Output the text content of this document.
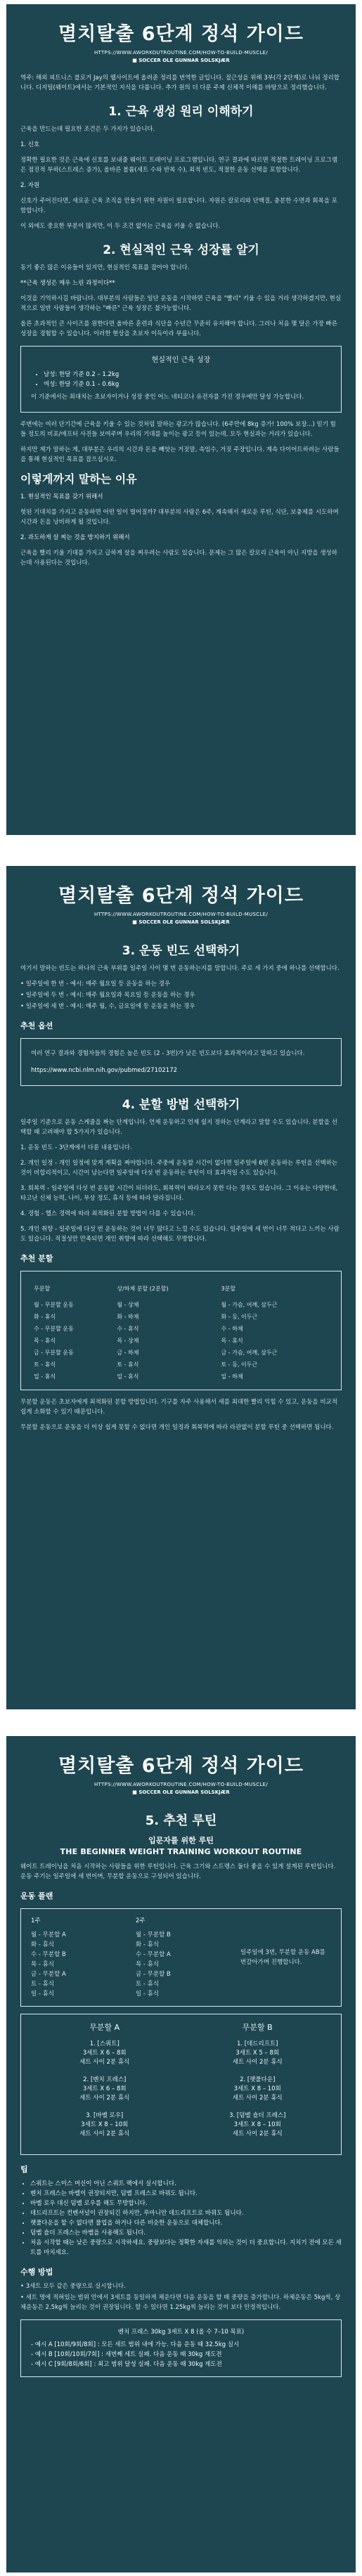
멸치탈출 6단계 정석 가이드
HTTPS://WWW.AWORKOUTROUTINE.COM/HOW-TO-BUILD-MUSCLE/
■ SOCCER OLE GUNNAR SOLSKJÆR
역주: 해외 피트니스 블로거 Jay의 웹사이트에 올려준 정리를 번역한 글입니다. 접근성을 위해 3부(각 2단계)로 나눠 정리합니다. 디지털(웨이트)에서는 기본적인 지식을 다룹니다. 추가 원의 더 다룬 주제 신체적 이해를 바탕으로 정리했습니다.
1. 근육 생성 원리 이해하기
근육을 만드는데 필요한 조건은 두 가지가 있습니다.
1. 신호
정확한 필요한 것은 근육에 신호를 보내줄 웨이트 트레이닝 프로그램입니다. 연구 결과에 따르면 적절한 트레이닝 프로그램은 점진적 부하(스트레스 증가), 올바른 볼륨(세트 수와 반복 수), 최적 빈도, 적절한 운동 선택을 포함합니다.
2. 자원
신호가 주어진다면, 새로운 근육 조직을 만들기 위한 자원이 필요합니다. 자원은 칼로리와 단백질, 충분한 수면과 회복을 포함합니다.
이 외에도 중요한 부분이 많지만, 이 두 조건 없이는 근육을 키울 수 없습니다.
2. 현실적인 근육 성장률 알기
동기 좋은 많은 이유들이 있지만, 현실적인 목표를 잡아야 합니다.
**근육 생성은 매우 느린 과정이다**
이것을 기억하시길 바랍니다. 대부분의 사람들은 일단 운동을 시작하면 근육을 "빨리" 키울 수 있을 거라 생각하겠지만, 현실적으로 일반 사람들이 생각하는 "빠른" 근육 성장은 불가능합니다.
올른 초과적인 큰 사이즈를 원한다면 올바른 훈련과 식단을 수년간 꾸준히 유지해야 합니다. 그러나 처음 몇 달은 가장 빠른 성장을 경험할 수 있습니다. 이러한 현상을 초보자 이득이라 부릅니다.
현실적인 근육 성장
• 남성: 한달 기준 0.2 – 1.2kg
• 여성: 한달 기준 0.1 – 0.6kg
이 기준에서는 최대치는 초보자이거나 성장 중인 어느 네티코나 유전자를 가진 경우에만 달성 가능합니다.
주변에는 여러 단기간에 근육을 키울 수 있는 것처럼 말하는 광고가 많습니다. (6주만에 8kg 증가! 100% 보장...) 믿기 힘들 정도의 비포/애프터 사진들 보여주며 우리의 기대를 높이는 광고 등이 있는데, 모두 현실과는 거리가 있습니다.
하지만 제가 말하는 게, 대부분은 우리의 시간과 돈을 빼앗는 거짓말, 속임수, 거짓 주장입니다. 계속 다이어트하려는 사람들을 통해 현실적인 목표를 잡으십시오.
이렇게까지 말하는 이유
1. 현실적인 목표를 갖기 위해서
헛된 기대치를 가지고 운동하면 어떤 일이 벌어질까? 대부분의 사람은 6주, 계속해서 새로운 루틴, 식단, 보충제를 시도하며 시간과 돈을 낭비하게 될 것입니다.
2. 과도하게 살 찌는 것을 방지하기 위해서
근육을 빨리 키울 기대를 가지고 급하게 살을 찌우려는 사람도 있습니다. 문제는 그 많은 칼로리 근육이 아닌 지방을 생성하는데 사용된다는 것입니다.
멸치탈출 6단계 정석 가이드
HTTPS://WWW.AWORKOUTROUTINE.COM/HOW-TO-BUILD-MUSCLE/
■ SOCCER OLE GUNNAR SOLSKJÆR
3. 운동 빈도 선택하기
여기서 말하는 빈도는 하나의 근육 부위를 일주일 사이 몇 번 운동하는지를 말합니다. 주로 세 가지 중에 하나를 선택합니다.
• 일주일에 한 번 - 예시: 매주 월요일 등 운동을 하는 경우
• 일주일에 두 번 - 예시: 매주 월요일과 목요일 등 운동을 하는 경우
• 일주일에 세 번 - 예시: 매주 월, 수, 금요일에 등 운동을 하는 경우
추천 옵션
여러 연구 결과와 경험자들의 경험은 높은 빈도 (2 - 3번)가 낮은 빈도보다 효과적이라고 말하고 있습니다.
https://www.ncbi.nlm.nih.gov/pubmed/27102172
4. 분할 방법 선택하기
일주일 기준으로 운동 스케줄을 짜는 단계입니다. 언제 운동하고 언제 쉴지 정하는 단계라고 말할 수도 있습니다. 분할을 선택할 때 고려해야 할 5가지가 있습니다.
1. 운동 빈도 - 3단계에서 다룬 내용입니다.
2. 개인 일정 - 개인 일정에 맞게 계획을 짜야합니다. 주중에 운동할 시간이 없다면 일주일에 6번 운동하는 루틴을 선택하는 것이 비합리적이고, 시간이 남는다면 일주일에 다섯 번 운동하는 루틴이 더 효과적일 수도 있습니다.
3. 회복력 - 일주일에 다섯 번 운동할 시간이 되더라도, 회복력이 따라오지 못한 다는 경우도 있습니다. 그 이유는 다양한데, 타고난 신체 능력, 나이, 부상 정도, 휴식 등에 따라 달라집니다.
4. 경험 - 헬스 경력에 따라 최적화된 분할 방법이 다를 수 있습니다.
5. 개인 취향 - 일주일에 다섯 번 운동하는 것이 너무 많다고 느낄 수도 있습니다. 일주일에 세 번이 너무 적다고 느끼는 사람도 있습니다. 적절성만 만족되면 개인 취향에 따라 선택해도 무방합니다.
추천 분할
무분할	상/하체 분할 (2분할)	3분할
월 - 무분할 운동	월 - 상체	월 - 가슴, 어깨, 삼두근
화 - 휴식	화 - 하체	화 - 등, 이두근
수 - 무분할 운동	수 - 휴식	수 - 하체
목 - 휴식	목 - 상체	목 - 휴식
금 - 무분할 운동	금 - 하체	금 - 가슴, 어깨, 삼두근
토 - 휴식	토 - 휴식	토 - 등, 이두근
일 - 휴식	일 - 휴식	일 - 하체
무분할 운동은 초보자에게 최적화된 분할 방법입니다. 기구를 자주 사용해서 새를 최대한 빨리 익힐 수 있고, 운동을 비교적 쉽게 소화할 수 있기 때문입니다.
무분할 운동으로 운동을 더 이상 쉽게 못할 수 없다면 개인 일정과 회복력에 따라 라관없이 분할 루틴 중 선택하면 됩니다.
멸치탈출 6단계 정석 가이드
HTTPS://WWW.AWORKOUTROUTINE.COM/HOW-TO-BUILD-MUSCLE/
■ SOCCER OLE GUNNAR SOLSKJÆR
5. 추천 루틴
입문자를 위한 루틴
THE BEGINNER WEIGHT TRAINING WORKOUT ROUTINE
웨이트 트레이닝을 처음 시작하는 사람들을 위한 루틴입니다. 근육 그기와 스트렝스 둘다 좋을 수 있게 설계된 루틴입니다. 운동 주기는 일주일에 세 번이며, 무분할 운동으로 구성되어 있습니다.
운동 플랜
1주
월 - 무분할 A
화 - 휴식
수 - 무분할 B
목 - 휴식
금 - 무분할 A
토 - 휴식
일 - 휴식
2주
월 - 무분할 B
화 - 휴식
수 - 무분할 A
목 - 휴식
금 - 무분할 B
토 - 휴식
일 - 휴식
일주일에 3번, 무분할 운동 AB를 번갈아가며 진행합니다.
무분할 A
1. [스쿼트]
3세트 X 6 – 8회
세트 사이 2분 휴식
2. [벤치 프레스]
3세트 X 6 – 8회
세트 사이 2분 휴식
3. [바벨 로우]
3세트 X 8 – 10회
세트 사이 2분 휴식
무분할 B
1. [데드리프트]
3세트 X 5 – 8회
세트 사이 2분 휴식
2. [랫풀다운]
3세트 X 8 – 10회
세트 사이 2분 휴식
3. [덤벨 숄더 프레스]
3세트 X 8 – 10회
세트 사이 2분 휴식
팁
• 스쿼트는 스미스 머신이 아닌 스쿼트 랙에서 실시합니다.
• 벤치 프레스는 바벨이 권장되지만, 덤벨 프레스로 바꿔도 됩니다.
• 바벨 로우 대신 덤벨 로우를 해도 무방합니다.
• 데드리프트는 컨벤셔널이 권장되긴 하지만, 루마니안 데드리프트로 바꿔도 됩니다.
• 랫풀다운을 할 수 없다면 풀업을 하거나 다른 비슷한 운동으로 대체합니다.
• 덤벨 숄더 프레스는 바벨을 사용해도 됩니다.
• 처음 시작할 때는 낮은 중량으로 시작하세요. 중량보다는 정확한 자세를 익히는 것이 더 중요합니다. 지치기 전에 모든 세트를 마치세요.
수행 방법
• 3세트 모두 같은 중량으로 실시합니다.
• 세트 명에 적혀있는 범위 안에서 3세트를 동일하게 채운다면 다음 운동을 할 때 중량을 증가합니다. 하체운동은 5kg씩, 상체운동은 2.5kg씩 늘리는 것이 권장됩니다. 할 수 있다면 1.25kg씩 늘리는 것이 보다 안정적입니다.
벤치 프레스 30kg 3세트 X 8 (올 수 7–10 목표)
- 예시 A [10회/9회/8회] : 모든 세트 범위 내에 가능. 다음 운동 때 32.5kg 실시
- 예시 B [10회/10회/7회] : 세번째 세트 실패. 다음 운동 때 30kg 재도전
- 예시 C [9회/8회/6회] : 최고 범위 달성 실패. 다음 운동 때 30kg 재도전
